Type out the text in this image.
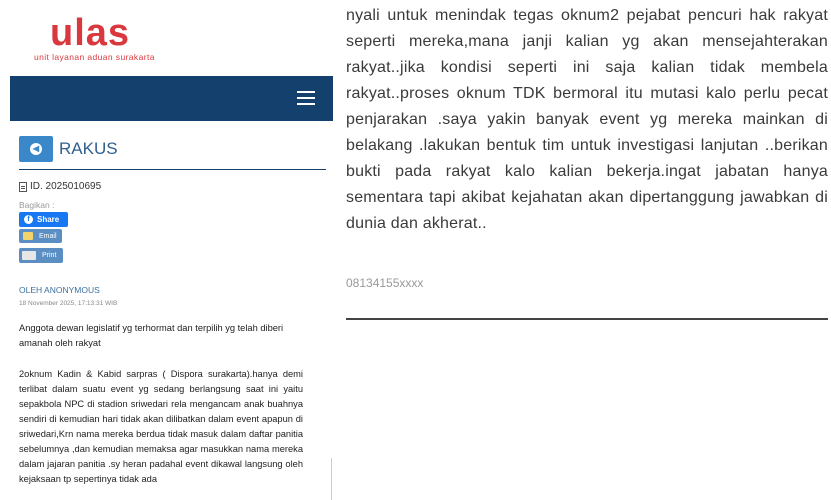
ulas
unit layanan aduan surakarta
◀ RAKUS
ID. 2025010695
Bagikan :
f Share
Email
Print
OLEH ANONYMOUS
18 November 2025, 17:13:31 WIB

Anggota dewan legislatif yg terhormat dan terpilih yg telah diberi amanah oleh rakyat

2oknum Kadin & Kabid sarpras ( Dispora surakarta).hanya demi terlibat dalam suatu event yg sedang berlangsung saat ini yaitu sepakbola NPC di stadion sriwedari rela mengancam anak buahnya sendiri di kemudian hari tidak akan dilibatkan dalam event apapun di sriwedari,Krn nama mereka berdua tidak masuk dalam daftar panitia sebelumnya ,dan kemudian memaksa agar masukkan nama mereka dalam jajaran panitia .sy heran padahal event dikawal langsung oleh kejaksaan tp sepertinya tidak ada

nyali untuk menindak tegas oknum2 pejabat pencuri hak rakyat seperti mereka,mana janji kalian yg akan mensejahterakan rakyat..jika kondisi seperti ini saja kalian tidak membela rakyat..proses oknum TDK bermoral itu mutasi kalo perlu pecat penjarakan .saya yakin banyak event yg mereka mainkan di belakang .lakukan bentuk tim untuk investigasi lanjutan ..berikan bukti pada rakyat kalo kalian bekerja.ingat jabatan hanya sementara tapi akibat kejahatan akan dipertanggung jawabkan di dunia dan akherat..

08134155xxxx
